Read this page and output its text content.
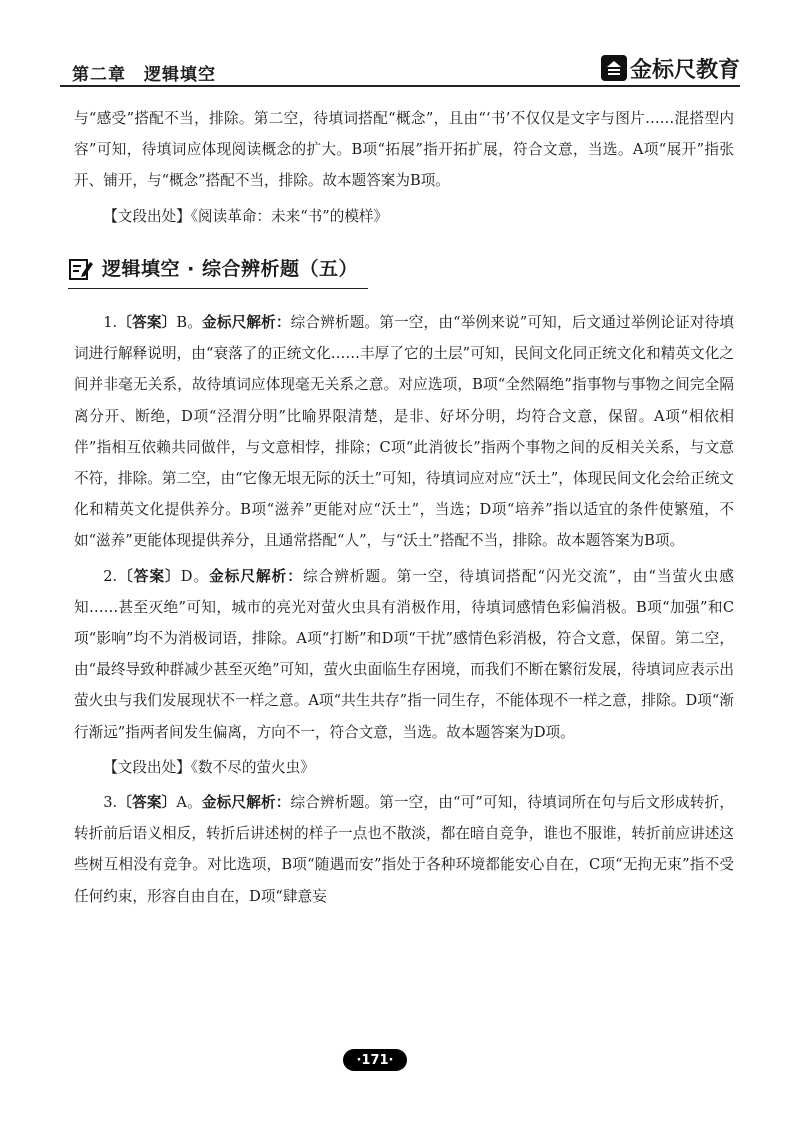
第二章　逻辑填空	金标尺教育

与“感受”搭配不当，排除。第二空，待填词搭配“概念”，且由“‘书’不仅仅是文字与图片……混搭型内容”可知，待填词应体现阅读概念的扩大。B项“拓展”指开拓扩展，符合文意，当选。A项“展开”指张开、铺开，与“概念”搭配不当，排除。故本题答案为B项。

【文段出处】《阅读革命：未来“书”的模样》

逻辑填空 · 综合辨析题（五）

1.〔答案〕B。金标尺解析：综合辨析题。第一空，由“举例来说”可知，后文通过举例论证对待填词进行解释说明，由“衰落了的正统文化……丰厚了它的土层”可知，民间文化同正统文化和精英文化之间并非毫无关系，故待填词应体现毫无关系之意。对应选项，B项“全然隔绝”指事物与事物之间完全隔离分开、断绝，D项“泾渭分明”比喻界限清楚，是非、好坏分明，均符合文意，保留。A项“相依相伴”指相互依赖共同做伴，与文意相悖，排除；C项“此消彼长”指两个事物之间的反相关关系，与文意不符，排除。第二空，由“它像无垠无际的沃土”可知，待填词应对应“沃土”，体现民间文化会给正统文化和精英文化提供养分。B项“滋养”更能对应“沃土”，当选；D项“培养”指以适宜的条件使繁殖，不如“滋养”更能体现提供养分，且通常搭配“人”，与“沃土”搭配不当，排除。故本题答案为B项。

2.〔答案〕D。金标尺解析：综合辨析题。第一空，待填词搭配“闪光交流”，由“当萤火虫感知……甚至灭绝”可知，城市的亮光对萤火虫具有消极作用，待填词感情色彩偏消极。B项“加强”和C项“影响”均不为消极词语，排除。A项“打断”和D项“干扰”感情色彩消极，符合文意，保留。第二空，由“最终导致种群减少甚至灭绝”可知，萤火虫面临生存困境，而我们不断在繁衍发展，待填词应表示出萤火虫与我们发展现状不一样之意。A项“共生共存”指一同生存，不能体现不一样之意，排除。D项“渐行渐远”指两者间发生偏离，方向不一，符合文意，当选。故本题答案为D项。

【文段出处】《数不尽的萤火虫》

3.〔答案〕A。金标尺解析：综合辨析题。第一空，由“可”可知，待填词所在句与后文形成转折，转折前后语义相反，转折后讲述树的样子一点也不散淡，都在暗自竞争，谁也不服谁，转折前应讲述这些树互相没有竞争。对比选项，B项“随遇而安”指处于各种环境都能安心自在，C项“无拘无束”指不受任何约束，形容自由自在，D项“肆意妄

·171·
